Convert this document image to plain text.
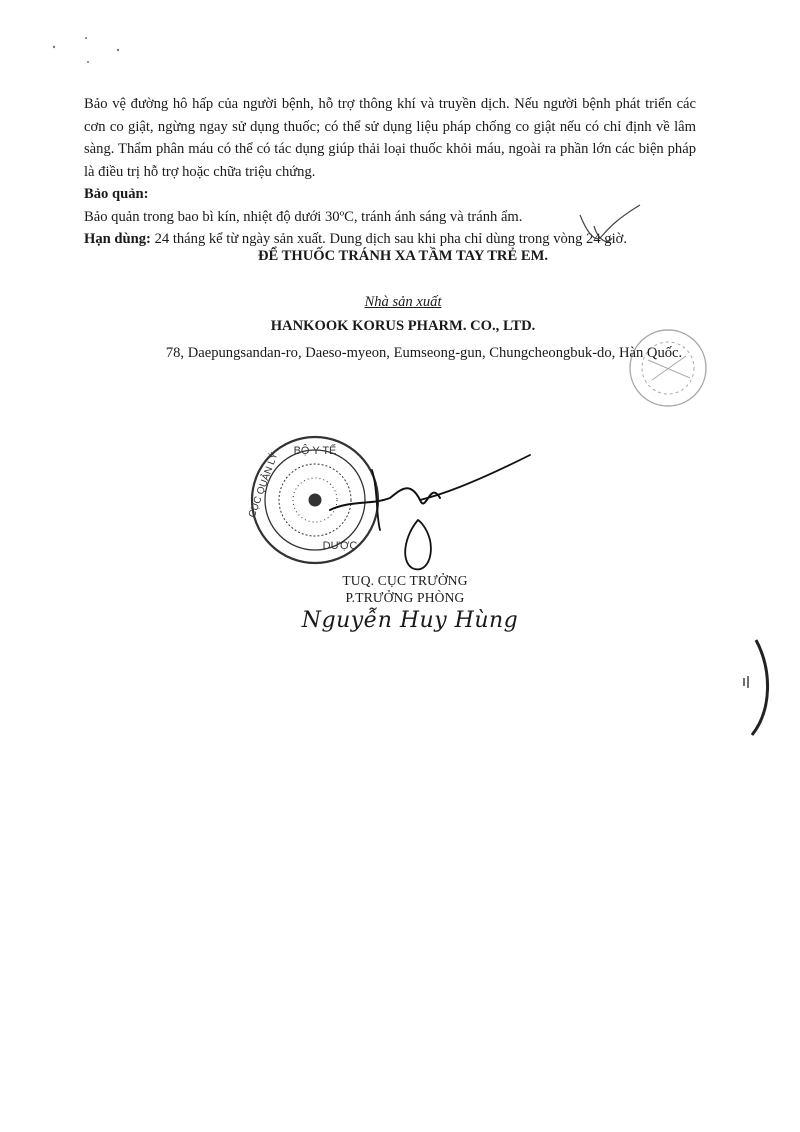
Bảo vệ đường hô hấp của người bệnh, hỗ trợ thông khí và truyền dịch. Nếu người bệnh phát triển các cơn co giật, ngừng ngay sử dụng thuốc; có thể sử dụng liệu pháp chống co giật nếu có chỉ định về lâm sàng. Thẩm phân máu có thể có tác dụng giúp thải loại thuốc khỏi máu, ngoài ra phần lớn các biện pháp là điều trị hỗ trợ hoặc chữa triệu chứng.

Bảo quản:

Bảo quản trong bao bì kín, nhiệt độ dưới 30ºC, tránh ánh sáng và tránh ẩm.

Hạn dùng: 24 tháng kể từ ngày sản xuất. Dung dịch sau khi pha chỉ dùng trong vòng 24 giờ.

ĐỂ THUỐC TRÁNH XA TẦM TAY TRẺ EM.
Nhà sản xuất
HANKOOK KORUS PHARM. CO., LTD.
78, Daepungsandan-ro, Daeso-myeon, Eumseong-gun, Chungcheongbuk-do, Hàn Quốc.
BỘ Y TẾ
CỤC QUẢN LÝ
DƯỢC
TUQ. CỤC TRƯỞNG
P.TRƯỞNG PHÒNG
Nguyễn Huy Hùng
